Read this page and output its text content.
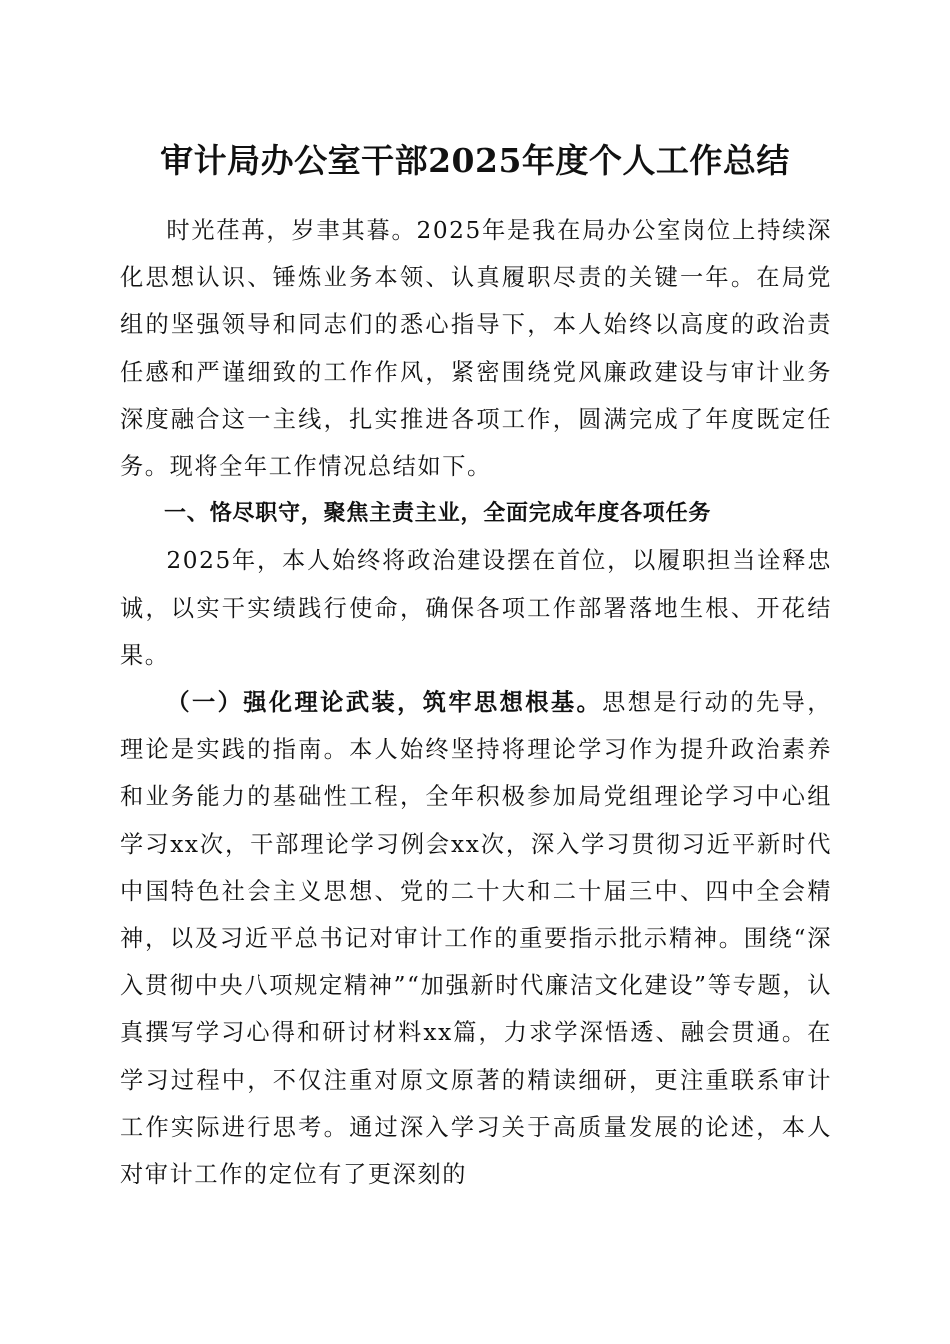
审计局办公室干部2025年度个人工作总结

时光荏苒，岁聿其暮。2025年是我在局办公室岗位上持续深化思想认识、锤炼业务本领、认真履职尽责的关键一年。在局党组的坚强领导和同志们的悉心指导下，本人始终以高度的政治责任感和严谨细致的工作作风，紧密围绕党风廉政建设与审计业务深度融合这一主线，扎实推进各项工作，圆满完成了年度既定任务。现将全年工作情况总结如下。

一、恪尽职守，聚焦主责主业，全面完成年度各项任务

2025年，本人始终将政治建设摆在首位，以履职担当诠释忠诚，以实干实绩践行使命，确保各项工作部署落地生根、开花结果。

（一）强化理论武装，筑牢思想根基。思想是行动的先导，理论是实践的指南。本人始终坚持将理论学习作为提升政治素养和业务能力的基础性工程，全年积极参加局党组理论学习中心组学习xx次，干部理论学习例会xx次，深入学习贯彻习近平新时代中国特色社会主义思想、党的二十大和二十届三中、四中全会精神，以及习近平总书记对审计工作的重要指示批示精神。围绕“深入贯彻中央八项规定精神”“加强新时代廉洁文化建设”等专题，认真撰写学习心得和研讨材料xx篇，力求学深悟透、融会贯通。在学习过程中，不仅注重对原文原著的精读细研，更注重联系审计工作实际进行思考。通过深入学习关于高质量发展的论述，本人对审计工作的定位有了更深刻的
